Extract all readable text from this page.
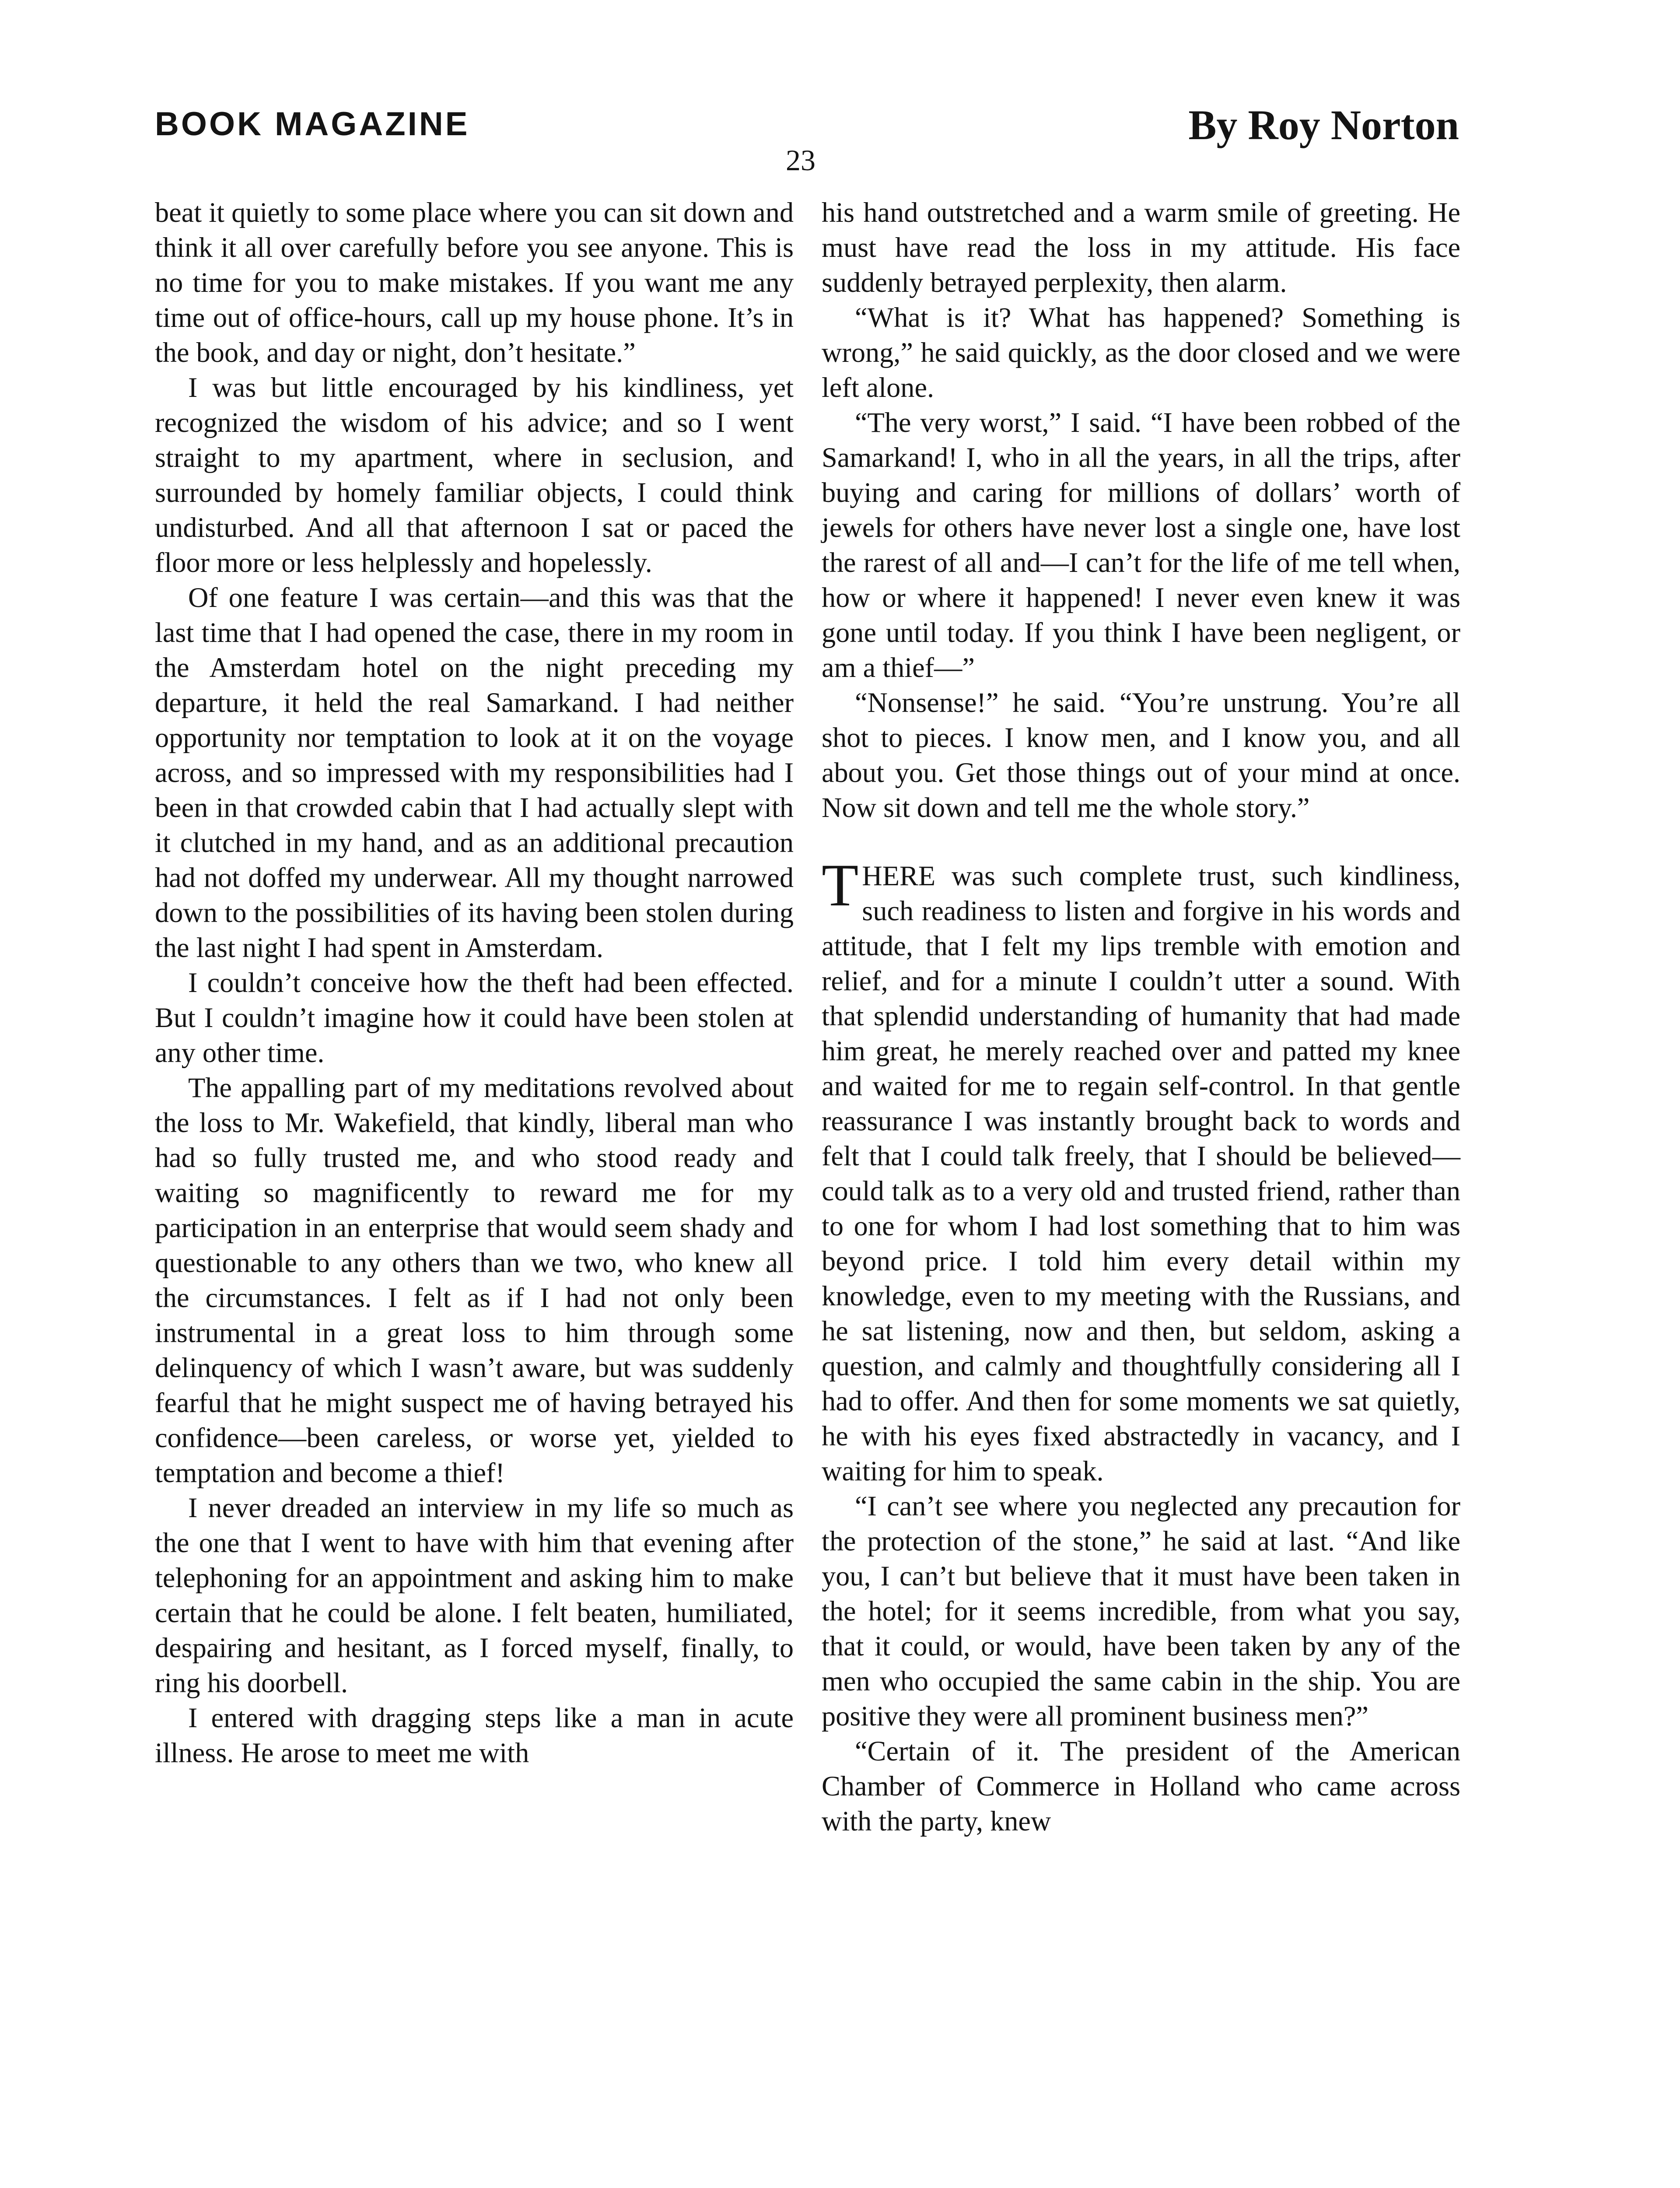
BOOK MAGAZINE	By Roy Norton
23

beat it quietly to some place where you can sit down and think it all over carefully before you see anyone. This is no time for you to make mistakes. If you want me any time out of office-hours, call up my house phone. It’s in the book, and day or night, don’t hesitate.”

I was but little encouraged by his kindliness, yet recognized the wisdom of his advice; and so I went straight to my apartment, where in seclusion, and surrounded by homely familiar objects, I could think undisturbed. And all that afternoon I sat or paced the floor more or less helplessly and hopelessly.

Of one feature I was certain—and this was that the last time that I had opened the case, there in my room in the Amsterdam hotel on the night preceding my departure, it held the real Samarkand. I had neither opportunity nor temptation to look at it on the voyage across, and so impressed with my responsibilities had I been in that crowded cabin that I had actually slept with it clutched in my hand, and as an additional precaution had not doffed my underwear. All my thought narrowed down to the possibilities of its having been stolen during the last night I had spent in Amsterdam.

I couldn’t conceive how the theft had been effected. But I couldn’t imagine how it could have been stolen at any other time.

The appalling part of my meditations revolved about the loss to Mr. Wakefield, that kindly, liberal man who had so fully trusted me, and who stood ready and waiting so magnificently to reward me for my participation in an enterprise that would seem shady and questionable to any others than we two, who knew all the circumstances. I felt as if I had not only been instrumental in a great loss to him through some delinquency of which I wasn’t aware, but was suddenly fearful that he might suspect me of having betrayed his confidence—been careless, or worse yet, yielded to temptation and become a thief!

I never dreaded an interview in my life so much as the one that I went to have with him that evening after telephoning for an appointment and asking him to make certain that he could be alone. I felt beaten, humiliated, despairing and hesitant, as I forced myself, finally, to ring his doorbell.

I entered with dragging steps like a man in acute illness. He arose to meet me with

his hand outstretched and a warm smile of greeting. He must have read the loss in my attitude. His face suddenly betrayed perplexity, then alarm.

“What is it? What has happened? Something is wrong,” he said quickly, as the door closed and we were left alone.

“The very worst,” I said. “I have been robbed of the Samarkand! I, who in all the years, in all the trips, after buying and caring for millions of dollars’ worth of jewels for others have never lost a single one, have lost the rarest of all and—I can’t for the life of me tell when, how or where it happened! I never even knew it was gone until today. If you think I have been negligent, or am a thief—”

“Nonsense!” he said. “You’re unstrung. You’re all shot to pieces. I know men, and I know you, and all about you. Get those things out of your mind at once. Now sit down and tell me the whole story.”

THERE was such complete trust, such kindliness, such readiness to listen and forgive in his words and attitude, that I felt my lips tremble with emotion and relief, and for a minute I couldn’t utter a sound. With that splendid understanding of humanity that had made him great, he merely reached over and patted my knee and waited for me to regain self-control. In that gentle reassurance I was instantly brought back to words and felt that I could talk freely, that I should be believed—could talk as to a very old and trusted friend, rather than to one for whom I had lost something that to him was beyond price. I told him every detail within my knowledge, even to my meeting with the Russians, and he sat listening, now and then, but seldom, asking a question, and calmly and thoughtfully considering all I had to offer. And then for some moments we sat quietly, he with his eyes fixed abstractedly in vacancy, and I waiting for him to speak.

“I can’t see where you neglected any precaution for the protection of the stone,” he said at last. “And like you, I can’t but believe that it must have been taken in the hotel; for it seems incredible, from what you say, that it could, or would, have been taken by any of the men who occupied the same cabin in the ship. You are positive they were all prominent business men?”

“Certain of it. The president of the American Chamber of Commerce in Holland who came across with the party, knew
